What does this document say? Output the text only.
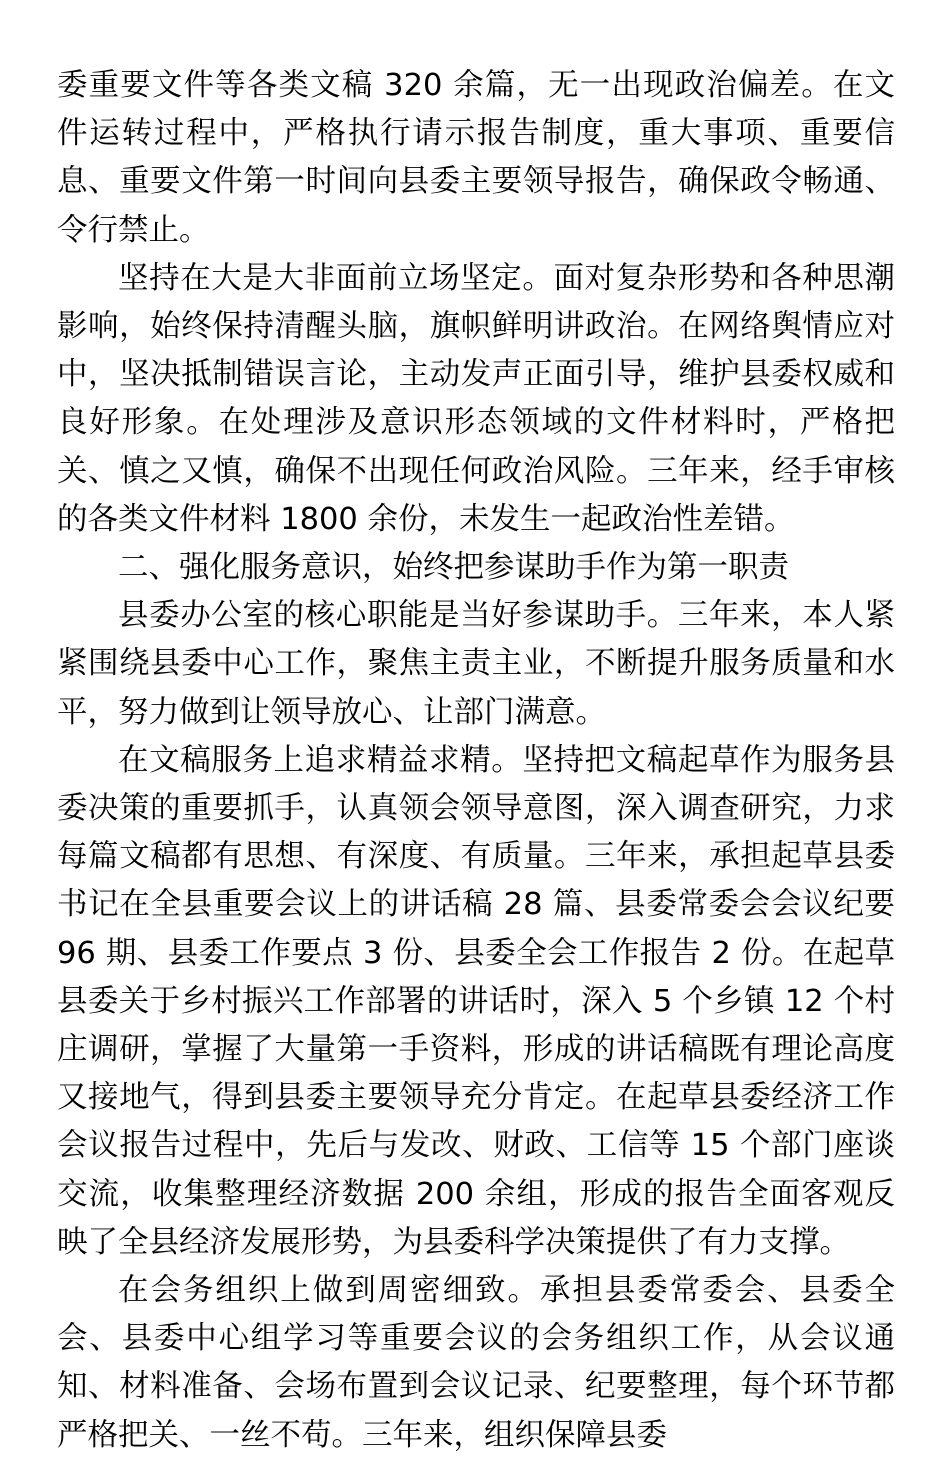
委重要文件等各类文稿 320 余篇，无一出现政治偏差。在文件运转过程中，严格执行请示报告制度，重大事项、重要信息、重要文件第一时间向县委主要领导报告，确保政令畅通、令行禁止。

坚持在大是大非面前立场坚定。面对复杂形势和各种思潮影响，始终保持清醒头脑，旗帜鲜明讲政治。在网络舆情应对中，坚决抵制错误言论，主动发声正面引导，维护县委权威和良好形象。在处理涉及意识形态领域的文件材料时，严格把关、慎之又慎，确保不出现任何政治风险。三年来，经手审核的各类文件材料 1800 余份，未发生一起政治性差错。

二、强化服务意识，始终把参谋助手作为第一职责

县委办公室的核心职能是当好参谋助手。三年来，本人紧紧围绕县委中心工作，聚焦主责主业，不断提升服务质量和水平，努力做到让领导放心、让部门满意。

在文稿服务上追求精益求精。坚持把文稿起草作为服务县委决策的重要抓手，认真领会领导意图，深入调查研究，力求每篇文稿都有思想、有深度、有质量。三年来，承担起草县委书记在全县重要会议上的讲话稿 28 篇、县委常委会会议纪要 96 期、县委工作要点 3 份、县委全会工作报告 2 份。在起草县委关于乡村振兴工作部署的讲话时，深入 5 个乡镇 12 个村庄调研，掌握了大量第一手资料，形成的讲话稿既有理论高度又接地气，得到县委主要领导充分肯定。在起草县委经济工作会议报告过程中，先后与发改、财政、工信等 15 个部门座谈交流，收集整理经济数据 200 余组，形成的报告全面客观反映了全县经济发展形势，为县委科学决策提供了有力支撑。

在会务组织上做到周密细致。承担县委常委会、县委全会、县委中心组学习等重要会议的会务组织工作，从会议通知、材料准备、会场布置到会议记录、纪要整理，每个环节都严格把关、一丝不苟。三年来，组织保障县委
